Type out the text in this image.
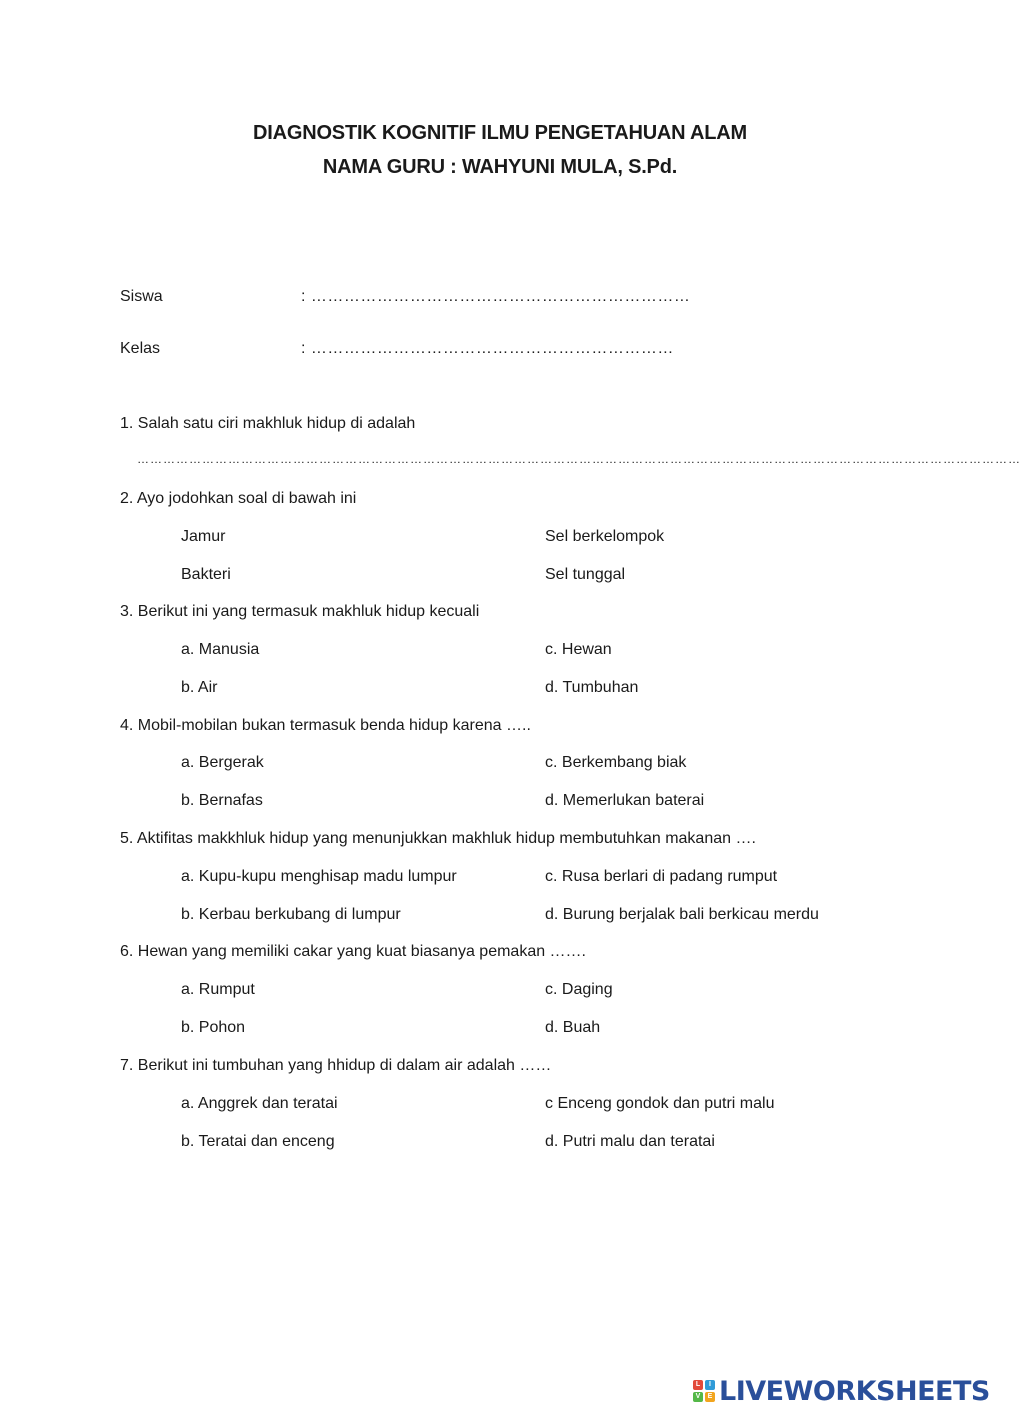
DIAGNOSTIK KOGNITIF ILMU PENGETAHUAN ALAM
NAMA GURU : WAHYUNI MULA, S.Pd.
Siswa	: ……………………………………………………………
Kelas	: …………………………………………………………
1. Salah satu ciri makhluk hidup di adalah
……………………………………………………………………………………………………………………………………………………………………………………
2. Ayo jodohkan soal di bawah ini
Jamur	Sel berkelompok
Bakteri	Sel tunggal
3. Berikut ini yang termasuk makhluk hidup kecuali
a. Manusia	c. Hewan
b. Air	d. Tumbuhan
4. Mobil-mobilan bukan termasuk benda hidup karena …..
a. Bergerak	c. Berkembang biak
b. Bernafas	d. Memerlukan baterai
5. Aktifitas makkhluk hidup yang menunjukkan makhluk hidup membutuhkan makanan ….
a. Kupu-kupu menghisap madu lumpur	c. Rusa berlari di padang rumput
b. Kerbau berkubang di lumpur	d. Burung berjalak bali berkicau merdu
6. Hewan yang memiliki cakar yang kuat biasanya pemakan …….
a. Rumput	c. Daging
b. Pohon	d. Buah
7. Berikut ini tumbuhan yang hhidup di dalam air adalah ……
a. Anggrek dan teratai	c Enceng gondok dan putri malu
b. Teratai dan enceng	d. Putri malu dan teratai
L	I
V	E LIVEWORKSHEETS
